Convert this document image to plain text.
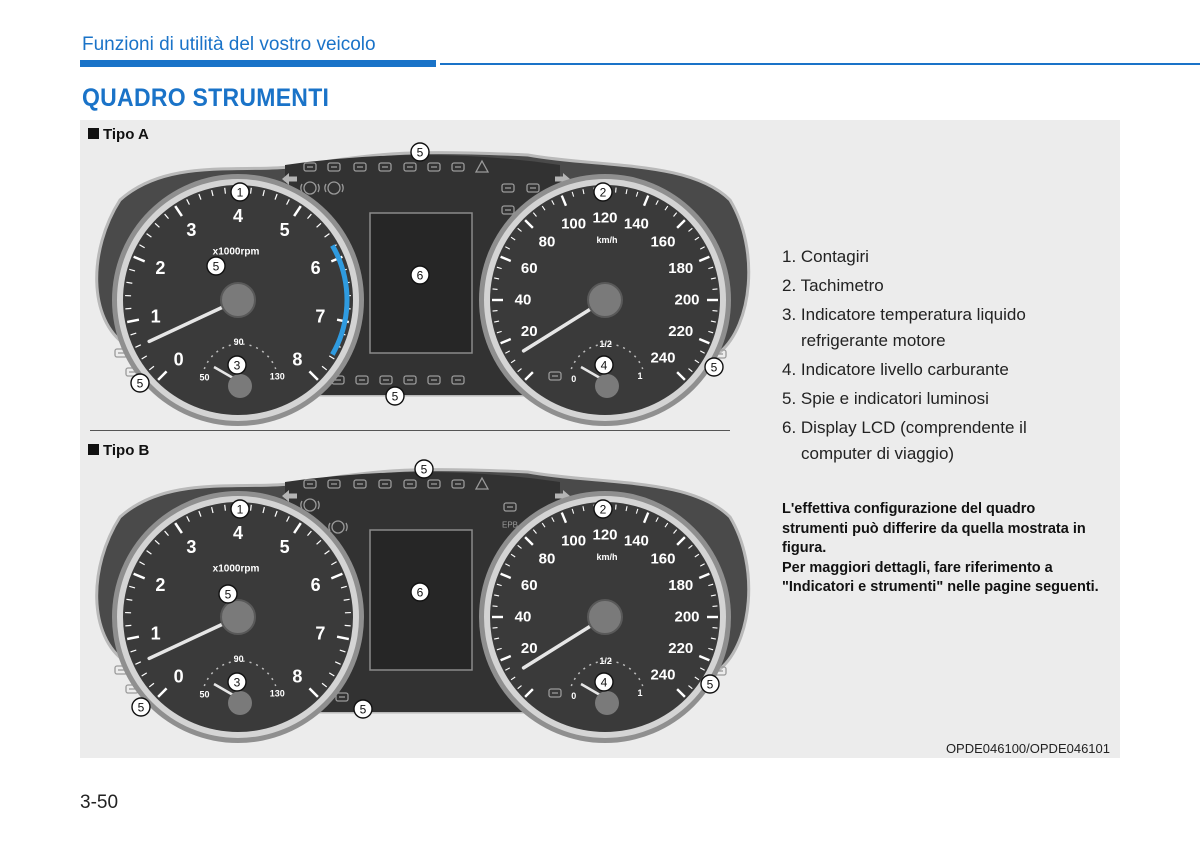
Funzioni di utilità del vostro veicolo
QUADRO STRUMENTI
0
1
2
3
4
5
6
7
8
x1000rpm
50
90
130
20
40
60
80
100 120 140
160
180
200
220
240
km/h
0
1/2
1
1	2
3	4
6
5
5
5
5
5
EPB
0
1
2
3
4
5
6
7
8
x1000rpm
50
90
130
20
40
60
80
100 120 140
160
180
200
220
240
km/h
0
1/2
1
1	2
3	4
6
5
5
5
5
5
Tipo A
Tipo B
1. Contagiri
2. Tachimetro
3. Indicatore temperatura liquido refrigerante motore
4. Indicatore livello carburante
5. Spie e indicatori luminosi
6. Display LCD (comprendente il computer di viaggio)

L'effettiva configurazione del quadro strumenti può differire da quella mostrata in figura.

Per maggiori dettagli, fare riferimento a "Indicatori e strumenti" nelle pagine seguenti.

OPDE046100/OPDE046101
3-50
